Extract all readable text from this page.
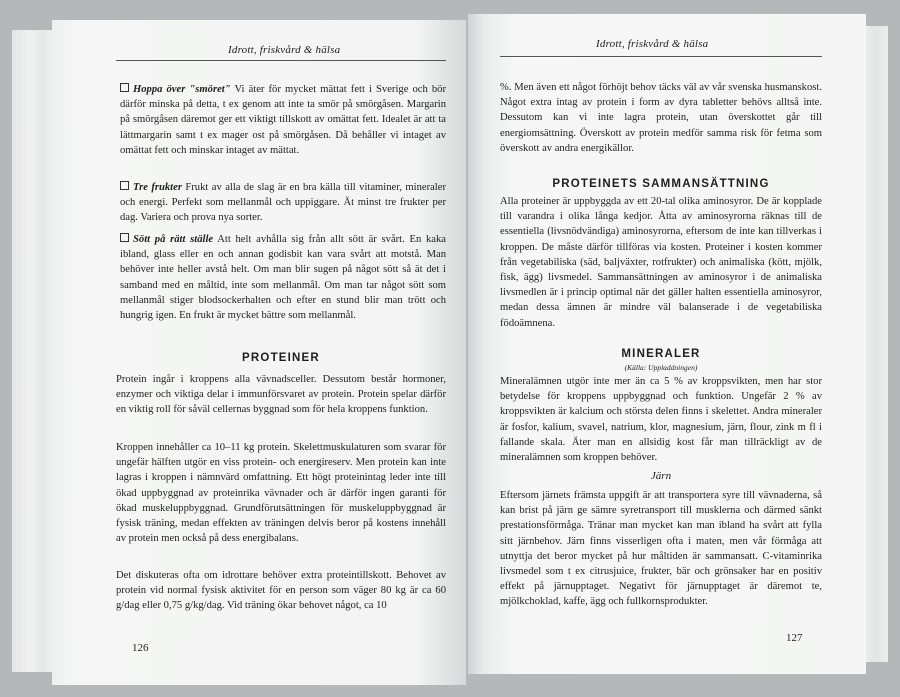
Idrott, friskvård & hälsa

Hoppa över "smöret" Vi äter för mycket mättat fett i Sverige och bör därför minska på detta, t ex genom att inte ta smör på smörgåsen. Margarin på smörgåsen däremot ger ett viktigt tillskott av omättat fett. Idealet är att ta lättmargarin samt t ex mager ost på smörgåsen. Då behåller vi intaget av omättat fett och minskar intaget av mättat.

Tre frukter Frukt av alla de slag är en bra källa till vitaminer, mineraler och energi. Perfekt som mellanmål och uppiggare. Ät minst tre frukter per dag. Variera och prova nya sorter.

Sött på rätt ställe Att helt avhålla sig från allt sött är svårt. En kaka ibland, glass eller en och annan godisbit kan vara svårt att motstå. Man behöver inte heller avstå helt. Om man blir sugen på något sött så ät det i samband med en måltid, inte som mellanmål. Om man tar något sött som mellanmål stiger blodsockerhalten och efter en stund blir man trött och hungrig igen. En frukt är mycket bättre som mellanmål.

PROTEINER

Protein ingår i kroppens alla vävnadsceller. Dessutom består hormoner, enzymer och viktiga delar i immunförsvaret av protein. Protein spelar därför en viktig roll för såväl cellernas byggnad som för hela kroppens funktion.

Kroppen innehåller ca 10–11 kg protein. Skelettmuskulaturen som svarar för ungefär hälften utgör en viss protein- och energireserv. Men protein kan inte lagras i kroppen i nämnvärd omfattning. Ett högt proteinintag leder inte till ökad uppbyggnad av proteinrika vävnader och är därför ingen garanti för ökad muskeluppbyggnad. Grundförutsättningen för muskeluppbyggnad är fysisk träning, medan effekten av träningen delvis beror på kostens innehåll av protein men också på dess energibalans.

Det diskuteras ofta om idrottare behöver extra proteintillskott. Behovet av protein vid normal fysisk aktivitet för en person som väger 80 kg är ca 60 g/dag eller 0,75 g/kg/dag. Vid träning ökar behovet något, ca 10

126
Idrott, friskvård & hälsa

%. Men även ett något förhöjt behov täcks väl av vår svenska husmanskost. Något extra intag av protein i form av dyra tabletter behövs alltså inte. Dessutom kan vi inte lagra protein, utan överskottet går till energiomsättning. Överskott av protein medför samma risk för fetma som överskott av andra energikällor.

PROTEINETS SAMMANSÄTTNING

Alla proteiner är uppbyggda av ett 20-tal olika aminosyror. De är kopplade till varandra i olika långa kedjor. Åtta av aminosyrorna räknas till de essentiella (livsnödvändiga) aminosyrorna, eftersom de inte kan tillverkas i kroppen. De måste därför tillföras via kosten. Proteiner i kosten kommer från vegetabiliska (säd, baljväxter, rotfrukter) och animaliska (kött, mjölk, fisk, ägg) livsmedel. Sammansättningen av aminosyror i de animaliska livsmedlen är i princip optimal när det gäller halten essentiella aminosyror, medan dessa ämnen är mindre väl balanserade i de vegetabiliska födoämnena.

MINERALER
(Källa: Uppladdningen)

Mineralämnen utgör inte mer än ca 5 % av kroppsvikten, men har stor betydelse för kroppens uppbyggnad och funktion. Ungefär 2 % av kroppsvikten är kalcium och största delen finns i skelettet. Andra mineraler är fosfor, kalium, svavel, natrium, klor, magnesium, järn, flour, zink m fl i fallande skala. Äter man en allsidig kost får man tillräckligt av de mineralämnen som kroppen behöver.

Järn

Eftersom järnets främsta uppgift är att transportera syre till vävnaderna, så kan brist på järn ge sämre syretransport till musklerna och därmed sänkt prestationsförmåga. Tränar man mycket kan man ibland ha svårt att fylla sitt järnbehov. Järn finns visserligen ofta i maten, men vår förmåga att utnyttja det beror mycket på hur måltiden är sammansatt. C-vitaminrika livsmedel som t ex citrusjuice, frukter, bär och grönsaker har en positiv effekt på järnupptaget. Negativt för järnupptaget är däremot te, mjölkchoklad, kaffe, ägg och fullkornsprodukter.

127
